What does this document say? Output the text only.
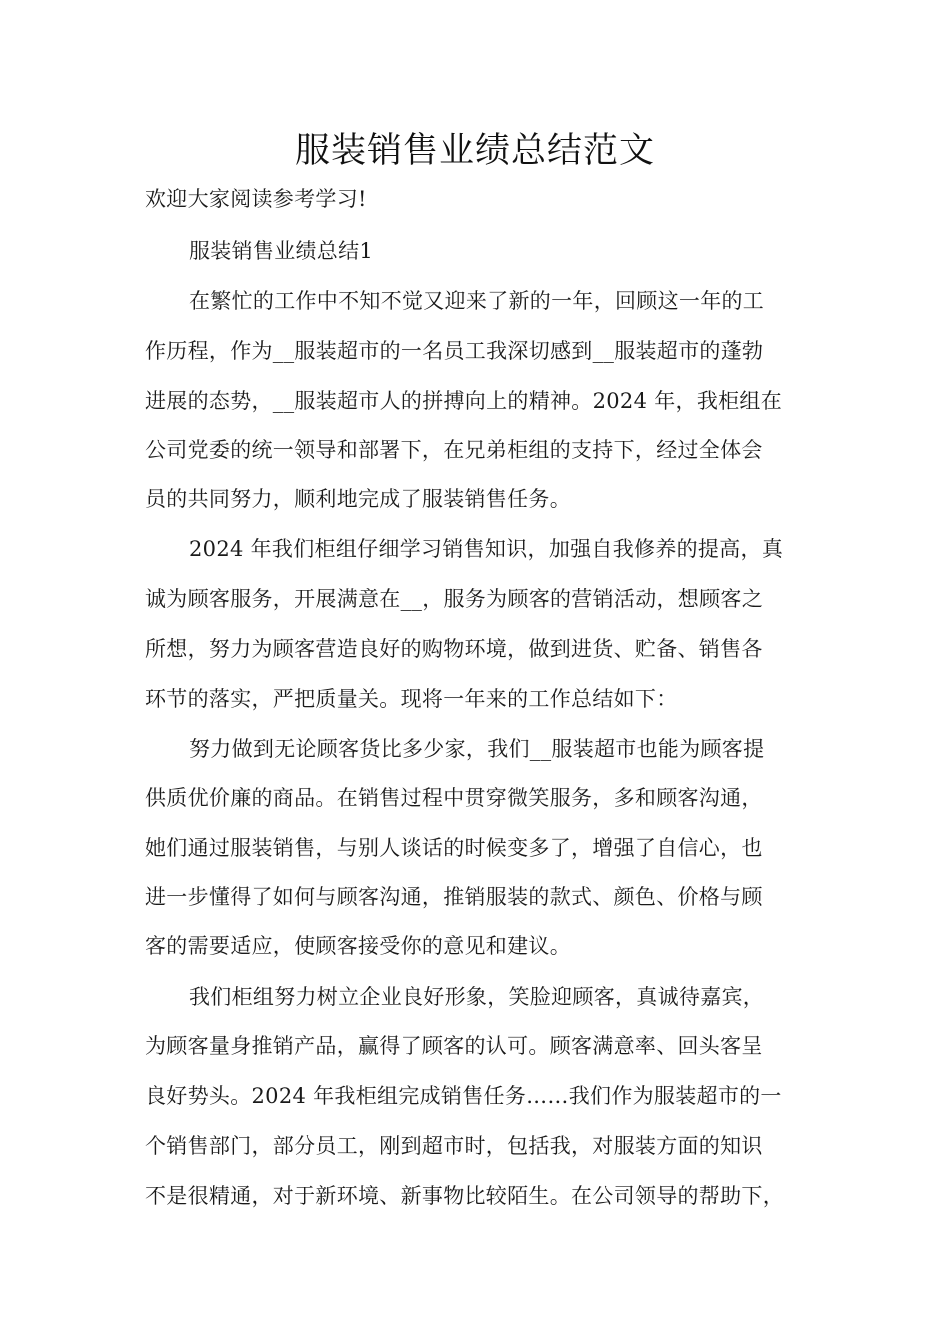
服装销售业绩总结范文
欢迎大家阅读参考学习!
服装销售业绩总结1
在繁忙的工作中不知不觉又迎来了新的一年，回顾这一年的工
作历程，作为__服装超市的一名员工我深切感到__服装超市的蓬勃
进展的态势，__服装超市人的拼搏向上的精神。2024 年，我柜组在
公司党委的统一领导和部署下，在兄弟柜组的支持下，经过全体会
员的共同努力，顺利地完成了服装销售任务。
2024 年我们柜组仔细学习销售知识，加强自我修养的提高，真
诚为顾客服务，开展满意在__，服务为顾客的营销活动，想顾客之
所想，努力为顾客营造良好的购物环境，做到进货、贮备、销售各
环节的落实，严把质量关。现将一年来的工作总结如下：
努力做到无论顾客货比多少家，我们__服装超市也能为顾客提
供质优价廉的商品。在销售过程中贯穿微笑服务，多和顾客沟通，
她们通过服装销售，与别人谈话的时候变多了，增强了自信心，也
进一步懂得了如何与顾客沟通，推销服装的款式、颜色、价格与顾
客的需要适应，使顾客接受你的意见和建议。
我们柜组努力树立企业良好形象，笑脸迎顾客，真诚待嘉宾，
为顾客量身推销产品，赢得了顾客的认可。顾客满意率、回头客呈
良好势头。2024 年我柜组完成销售任务……我们作为服装超市的一
个销售部门，部分员工，刚到超市时，包括我，对服装方面的知识
不是很精通，对于新环境、新事物比较陌生。在公司领导的帮助下，
